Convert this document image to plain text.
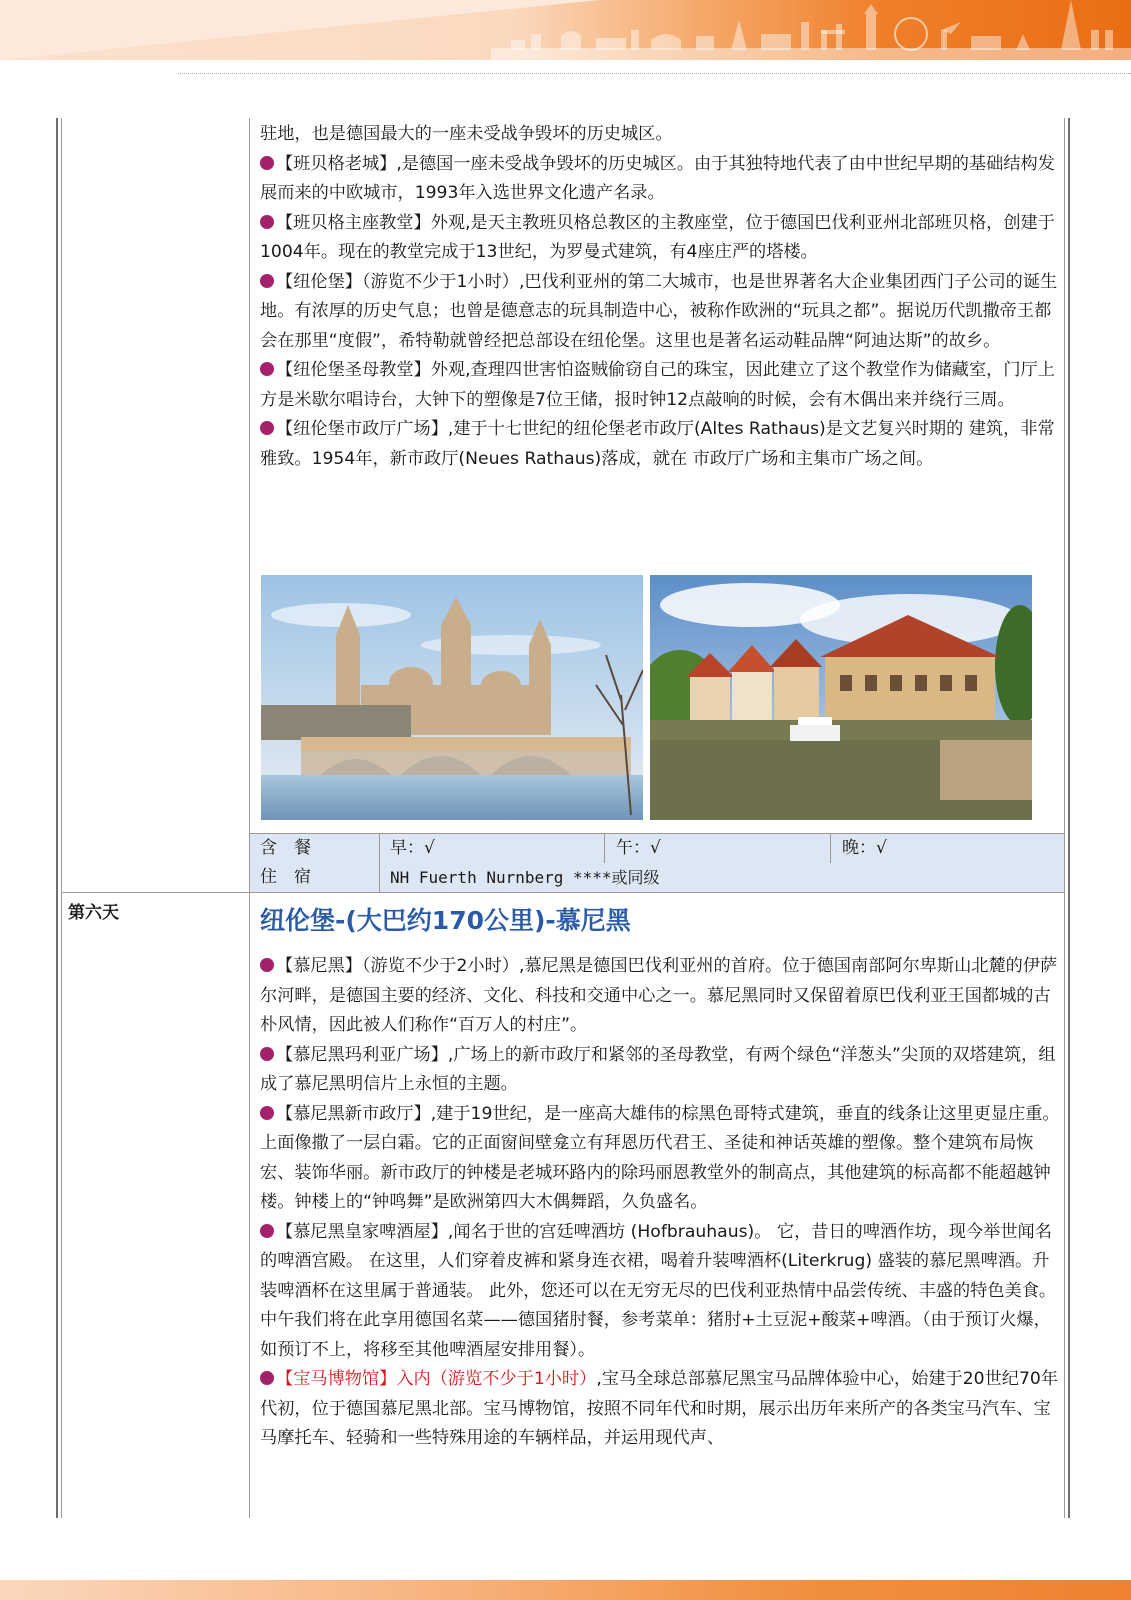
驻地，也是德国最大的一座未受战争毁坏的历史城区。

【班贝格老城】,是德国一座未受战争毁坏的历史城区。由于其独特地代表了由中世纪早期的基础结构发展而来的中欧城市，1993年入选世界文化遗产名录。

【班贝格主座教堂】外观,是天主教班贝格总教区的主教座堂，位于德国巴伐利亚州北部班贝格，创建于1004年。现在的教堂完成于13世纪，为罗曼式建筑，有4座庄严的塔楼。

【纽伦堡】（游览不少于1小时）,巴伐利亚州的第二大城市，也是世界著名大企业集团西门子公司的诞生地。有浓厚的历史气息；也曾是德意志的玩具制造中心，被称作欧洲的“玩具之都”。据说历代凯撒帝王都会在那里“度假”，希特勒就曾经把总部设在纽伦堡。这里也是著名运动鞋品牌“阿迪达斯”的故乡。

【纽伦堡圣母教堂】外观,查理四世害怕盗贼偷窃自己的珠宝，因此建立了这个教堂作为储藏室，门厅上方是米歇尔唱诗台，大钟下的塑像是7位王储，报时钟12点敲响的时候，会有木偶出来并绕行三周。

【纽伦堡市政厅广场】,建于十七世纪的纽伦堡老市政厅(Altes Rathaus)是文艺复兴时期的 建筑，非常雅致。1954年，新市政厅(Neues Rathaus)落成，就在 市政厅广场和主集市广场之间。

含　餐	早：√	午：√	晚：√
住　宿	NH Fuerth Nurnberg ****或同级
第六天	纽伦堡-(大巴约170公里)-慕尼黑

【慕尼黑】（游览不少于2小时）,慕尼黑是德国巴伐利亚州的首府。位于德国南部阿尔卑斯山北麓的伊萨尔河畔，是德国主要的经济、文化、科技和交通中心之一。慕尼黑同时又保留着原巴伐利亚王国都城的古朴风情，因此被人们称作“百万人的村庄”。

【慕尼黑玛利亚广场】,广场上的新市政厅和紧邻的圣母教堂，有两个绿色“洋葱头”尖顶的双塔建筑，组成了慕尼黑明信片上永恒的主题。

【慕尼黑新市政厅】,建于19世纪，是一座高大雄伟的棕黑色哥特式建筑，垂直的线条让这里更显庄重。上面像撒了一层白霜。它的正面窗间壁龛立有拜恩历代君王、圣徒和神话英雄的塑像。整个建筑布局恢宏、装饰华丽。新市政厅的钟楼是老城环路内的除玛丽恩教堂外的制高点，其他建筑的标高都不能超越钟楼。钟楼上的“钟鸣舞”是欧洲第四大木偶舞蹈，久负盛名。

【慕尼黑皇家啤酒屋】,闻名于世的宫廷啤酒坊 (Hofbrauhaus)。 它，昔日的啤酒作坊，现今举世闻名的啤酒宫殿。 在这里，人们穿着皮裤和紧身连衣裙，喝着升装啤酒杯(Literkrug) 盛装的慕尼黑啤酒。升装啤酒杯在这里属于普通装。 此外，您还可以在无穷无尽的巴伐利亚热情中品尝传统、丰盛的特色美食。中午我们将在此享用德国名菜——德国猪肘餐，参考菜单：猪肘+土豆泥+酸菜+啤酒。（由于预订火爆，如预订不上，将移至其他啤酒屋安排用餐）。

【宝马博物馆】入内（游览不少于1小时）,宝马全球总部慕尼黑宝马品牌体验中心，始建于20世纪70年代初，位于德国慕尼黑北部。宝马博物馆，按照不同年代和时期，展示出历年来所产的各类宝马汽车、宝马摩托车、轻骑和一些特殊用途的车辆样品，并运用现代声、
